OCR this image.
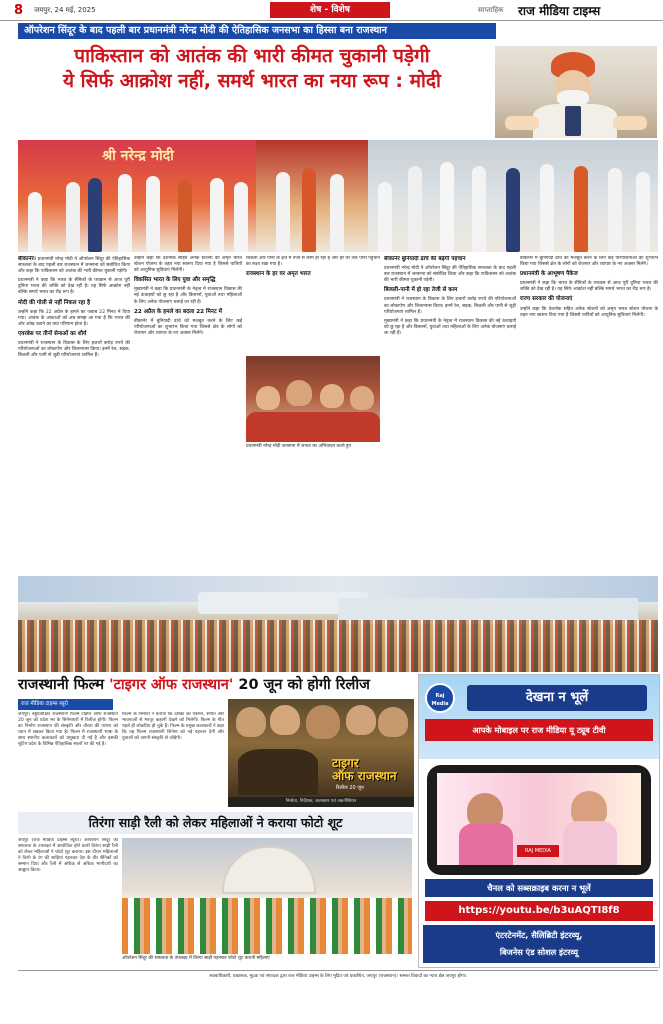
8 जयपुर, 24 मई, 2025	शेष - विशेष	साप्ताहिक राज मीडिया टाइम्स
ऑपरेशन सिंदूर के बाद पहली बार प्रधानमंत्री नरेन्द्र मोदी की ऐतिहासिक जनसभा का हिस्सा बना राजस्थान
पाकिस्तान को आतंक की भारी कीमत चुकानी पड़ेगी
ये सिर्फ आक्रोश नहीं, समर्थ भारत का नया रूप : मोदी
श्री नरेन्द्र मोदी

बीकानेर। प्रधानमंत्री नरेन्द्र मोदी ने ऑपरेशन सिंदूर की ऐतिहासिक सफलता के बाद पहली बार राजस्थान में जनसभा को संबोधित किया और कहा कि पाकिस्तान को आतंक की भारी कीमत चुकानी पड़ेगी।

प्रधानमंत्री ने कहा कि भारत के सैनिकों के पराक्रम से आज पूरी दुनिया भारत की शक्ति को देख रही है। यह सिर्फ आक्रोश नहीं बल्कि समर्थ भारत का रौद्र रूप है।

मोदी की गोली से नहीं निकल रहा है

उन्होंने कहा कि 22 अप्रैल के हमले का जवाब 22 मिनट में दिया गया। आतंक के आकाओं को अब समझ आ गया है कि भारत की ओर आंख उठाने का क्या परिणाम होता है।

एयरबेस पर तीनों सेनाओं का शौर्य

प्रधानमंत्री ने राजस्थान के विकास के लिए हजारों करोड़ रुपये की परियोजनाओं का लोकार्पण और शिलान्यास किया। इनमें रेल, सड़क, बिजली और पानी से जुड़ी परियोजनाएं शामिल हैं।

उन्होंने कहा कि देशनोक सहित अनेक स्टेशनों को अमृत भारत स्टेशन योजना के तहत नया स्वरूप दिया गया है जिससे यात्रियों को आधुनिक सुविधाएं मिलेंगी।

विकसित भारत के लिए युवा और समृद्धि

मुख्यमंत्री ने कहा कि प्रधानमंत्री के नेतृत्व में राजस्थान विकास की नई ऊंचाइयों को छू रहा है और किसानों, युवाओं तथा महिलाओं के लिए अनेक योजनाएं चलाई जा रही हैं।

22 अप्रैल के हमले का बदला 22 मिनट में

बीकानेर में बुनियादी ढांचे को मजबूत करने के लिए कई परियोजनाओं का शुभारंभ किया गया जिससे क्षेत्र के लोगों को रोजगार और व्यापार के नए अवसर मिलेंगे।

बिजली और पानी के क्षेत्र में तेजी से काम हो रहा है और हर घर तक पानी पहुंचाने का लक्ष्य रखा गया है।

राजस्थान के हर घर अमृत भारत

प्रधानमंत्री नरेन्द्र मोदी जनसभा में जनता का अभिवादन करते हुए

बीकानेर बुनियादी ढांचे की बढ़ेगी पहचान

प्रधानमंत्री नरेन्द्र मोदी ने ऑपरेशन सिंदूर की ऐतिहासिक सफलता के बाद पहली बार राजस्थान में जनसभा को संबोधित किया और कहा कि पाकिस्तान को आतंक की भारी कीमत चुकानी पड़ेगी।

बिजली-पानी में हो रहा तेजी से काम

प्रधानमंत्री ने राजस्थान के विकास के लिए हजारों करोड़ रुपये की परियोजनाओं का लोकार्पण और शिलान्यास किया। इनमें रेल, सड़क, बिजली और पानी से जुड़ी परियोजनाएं शामिल हैं।

मुख्यमंत्री ने कहा कि प्रधानमंत्री के नेतृत्व में राजस्थान विकास की नई ऊंचाइयों को छू रहा है और किसानों, युवाओं तथा महिलाओं के लिए अनेक योजनाएं चलाई जा रही हैं।

बीकानेर में बुनियादी ढांचे को मजबूत करने के लिए कई परियोजनाओं का शुभारंभ किया गया जिससे क्षेत्र के लोगों को रोजगार और व्यापार के नए अवसर मिलेंगे।

प्रधानमंत्री के आभूषण पैकेज

प्रधानमंत्री ने कहा कि भारत के सैनिकों के पराक्रम से आज पूरी दुनिया भारत की शक्ति को देख रही है। यह सिर्फ आक्रोश नहीं बल्कि समर्थ भारत का रौद्र रूप है।

राज्य सरकार की योजनाएं

उन्होंने कहा कि देशनोक सहित अनेक स्टेशनों को अमृत भारत स्टेशन योजना के तहत नया स्वरूप दिया गया है जिससे यात्रियों को आधुनिक सुविधाएं मिलेंगी।

राजस्थानी फिल्म 'टाइगर ऑफ राजस्थान' 20 जून को होगी रिलीज
राज मीडिया टाइम्स ब्यूरो
जयपुर। बहुप्रतीक्षित राजस्थानी फिल्म टाइगर ऑफ राजस्थान 20 जून को प्रदेश भर के सिनेमाघरों में रिलीज होगी। फिल्म का निर्माण राजस्थान की संस्कृति और वीरता की परंपरा को ध्यान में रखकर किया गया है। फिल्म में राजस्थानी भाषा के साथ स्थानीय कलाकारों को प्रमुखता दी गई है और इसकी शूटिंग प्रदेश के विभिन्न ऐतिहासिक स्थलों पर की गई है।
फिल्म के निर्माता ने बताया कि दर्शकों को एक्शन, संगीत और भावनाओं से भरपूर कहानी देखने को मिलेगी। फिल्म के गीत पहले ही लोकप्रिय हो चुके हैं। फिल्म के प्रमुख कलाकारों ने कहा कि यह फिल्म राजस्थानी सिनेमा को नई पहचान देगी और युवाओं को अपनी संस्कृति से जोड़ेगी।
टाइगर
ऑफ राजस्थान
रिलीज 20 जून
निर्माता, निर्देशक, कलाकार एवं तकनीशियन
तिरंगा साड़ी रैली को लेकर महिलाओं ने कराया फोटो शूट
जयपुर (राज मीडिया टाइम्स ब्यूरो)। ऑपरेशन सिंदूर की सफलता के उपलक्ष्य में आयोजित होने वाली तिरंगा साड़ी रैली को लेकर महिलाओं ने फोटो शूट कराया। इस दौरान महिलाओं ने तिरंगे के रंग की साड़ियां पहनकर देश के वीर सैनिकों को सम्मान दिया और रैली में अधिक से अधिक भागीदारी का आह्वान किया।
ऑपरेशन सिंदूर की सफलता के उपलक्ष्य में तिरंगा साड़ी पहनकर फोटो शूट कराती महिलाएं
Raj
Media	देखना न भूलें
आपके मोबाइल पर राज मीडिया यू ट्यूब टीवी
RAJ MEDIA
चैनल को सब्सक्राइब करना न भूलें
https://youtu.be/b3uAQTI8f8
एंटरटेनमेंट, सैलिब्रिटी इंटरव्यू,
बिजनेस एंड सोशल इंटरव्यू
स्वत्वाधिकारी, प्रकाशक, मुद्रक एवं संपादक द्वारा राज मीडिया टाइम्स के लिए मुद्रित एवं प्रकाशित, जयपुर (राजस्थान)। समस्त विवादों का न्याय क्षेत्र जयपुर होगा।
